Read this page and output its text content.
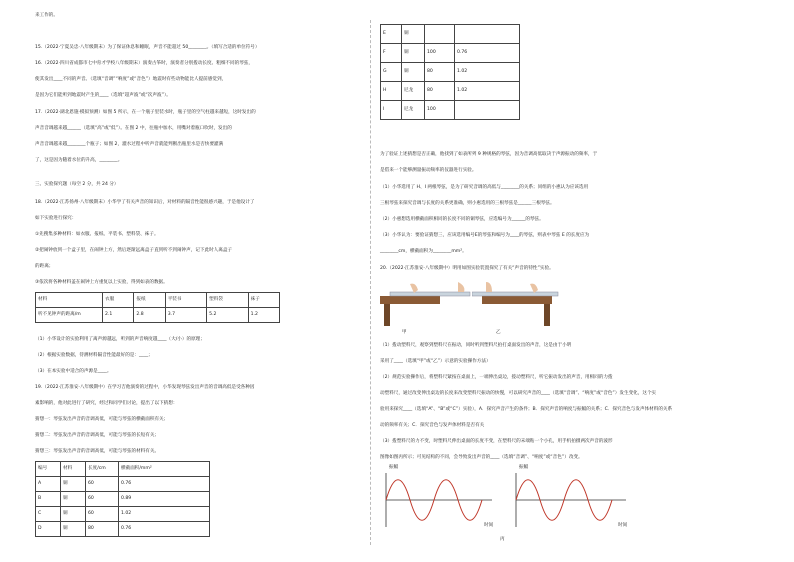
来工作的。

15.（2022·宁夏吴忠·八年级期末）为了保证休息和睡眠，声音不能超过 50________。（填写合适的单位符号）

16.（2022·四川省成都市七中育才学校八年级期末）演奏古筝时，演奏者分别拨动长度、粗细不同的琴弦，

使其发出____不同的声音。（选填“音调”“响度”或“音色”）地震时有些动物能比人提前感觉到，

是因为它们能听到地震时产生的____（选填“超声波”或“次声波”）。

17.（2022·湖北恩施·模拟预测）如图 5 所示，在一个瓶子里装水时，瓶子里的空气柱越来越短，这时发出的

声音音调越来越______（选填“高”或“低”）。在图 2 中，往瓶中加水，用嘴对着瓶口吹时，发出的

声音音调越来越________个瓶子；如图 2，灌水过程中听声音就能判断出瓶里水是否快要灌满

了，这是因为随着水位的升高，________。

三、实验探究题（每空 2 分，共 24 分）

18.（2022·江苏扬州·八年级期末）小华学了有关声音的知识后，对材料的隔音性能很感兴趣，于是他设计了

如下实验进行探究：

①先搜集多种材料：如衣服、报纸、平装书、塑料袋、袜子。

②把闹钟放到一个盒子里，在闹钟上方，然后逐渐远离盒子直到听不到闹钟声，记下此时人离盒子

的距离；

③依次将各种材料盖在闹钟上方重复以上实验，得到如表的数据。

材料	衣服	报纸	平装书	塑料袋	袜子
听不见钟声的距离/m	2.1	2.8	3.7	5.2	1.2

（1）小华设计的实验利用了离声源越远，听到的声音响度越____（大/小）的原理；

（2）根据实验数据，待测材料隔音性能最好的是：____；

（3）在本实验中适合的声源是____。

19.（2022·江苏淮安·八年级期中）在学习吉他演奏的过程中，小华发现琴弦发出声音的音调高低是受各种因

素影响的，他对此进行了研究，经过和同学们讨论，提出了以下猜想：

猜想一：琴弦发出声音的音调高低，可能与琴弦的横截面积有关；

猜想二：琴弦发出声音的音调高低，可能与琴弦的长短有关；

猜想三：琴弦发出声音的音调高低，可能与琴弦的材料有关。

编号	材料	长度/cm	横截面积/mm²
A	铜	60	0.76
B	铜	60	0.89
C	铜	60	1.02
D	铜	80	0.76
E	铜		
F	铜	100	0.76
G	铜	80	1.02
H	尼龙	80	1.02
I	尼龙	100	

为了验证上述猜想是否正确，他找到了如表所列 9 种规格的琴弦，因为音调高低取决于声源振动的频率，于

是借来一个能够测量振动频率的仪器进行实验。

（1）小华选用了 H、I 两根琴弦，是为了研究音调的高低与________的关系；同组的小惠认为应该选用

三根琴弦来探究音调与长度的关系更准确，则小惠选用的三根琴弦是______三根琴弦。

（2）小惠想选用横截面积相同的长度不同的铜琴弦，应选编号为______的琴弦。

（3）小华认为：要验证猜想三，应该选用编号E的琴弦和编号为____的琴弦，则表中琴弦 E 的长度应为

________cm，横截面积为________mm²。

20.（2022·江苏淮安·八年级期中）明用如图实验装置探究了有关“声音的特性”实验。

甲	乙

（1）拨动塑料尺，观察到塑料尺在振动，同时听到塑料尺拍打桌面发出的声音，这是由于小明

采用了____（选填“甲”或“乙”）示意的实验操作方法）

（2）规范实验操作后，将塑料尺紧按在桌面上，一端伸出桌边，拨动塑料尺，听它振动发出的声音，用相同的力拨

动塑料尺，通过改变伸出桌边的长度来改变塑料尺振动的快慢，可以研究声音的____（选填“音调”、“响度”或“音色”）发生变化，这个实

验用来探究____（选填“A”、“B”或“C”）实验），A．探究声音产生的条件；B．探究声音的响度与振幅的关系；C．探究音色与发声体材料的关系

动的频率有关；C．探究音色与发声体材料是否有关

（3）拨塑料尺的力不变，时塑料尺伸出桌面的长度不变，在塑料尺的末端粘一个小孔，用手机拍摄两次声音的波形

图像如图丙所示；可见结构的不同，会导致发出声音的____（选填“音调”、“响度”或“音色”）改变。

振幅	振幅

时间	时间

丙
